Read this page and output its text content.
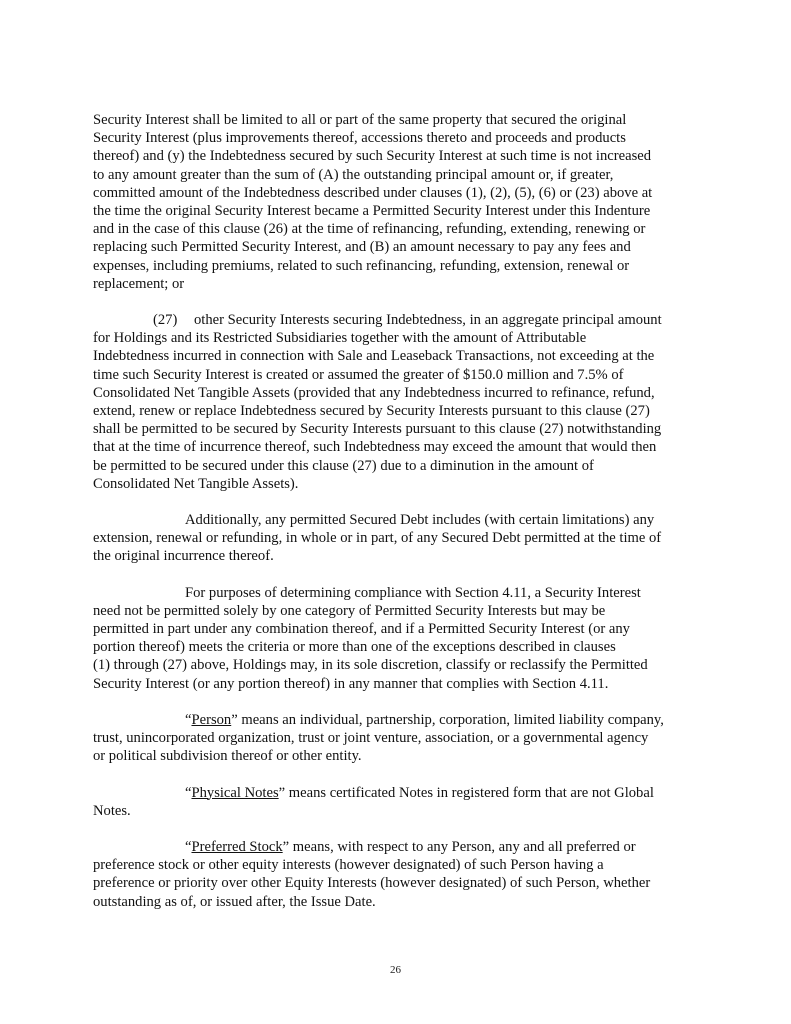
Security Interest shall be limited to all or part of the same property that secured the original
Security Interest (plus improvements thereof, accessions thereto and proceeds and products
thereof) and (y) the Indebtedness secured by such Security Interest at such time is not increased
to any amount greater than the sum of (A) the outstanding principal amount or, if greater,
committed amount of the Indebtedness described under clauses (1), (2), (5), (6) or (23) above at
the time the original Security Interest became a Permitted Security Interest under this Indenture
and in the case of this clause (26) at the time of refinancing, refunding, extending, renewing or
replacing such Permitted Security Interest, and (B) an amount necessary to pay any fees and
expenses, including premiums, related to such refinancing, refunding, extension, renewal or
replacement; or

(27) other Security Interests securing Indebtedness, in an aggregate principal amount
for Holdings and its Restricted Subsidiaries together with the amount of Attributable
Indebtedness incurred in connection with Sale and Leaseback Transactions, not exceeding at the
time such Security Interest is created or assumed the greater of $150.0 million and 7.5% of
Consolidated Net Tangible Assets (provided that any Indebtedness incurred to refinance, refund,
extend, renew or replace Indebtedness secured by Security Interests pursuant to this clause (27)
shall be permitted to be secured by Security Interests pursuant to this clause (27) notwithstanding
that at the time of incurrence thereof, such Indebtedness may exceed the amount that would then
be permitted to be secured under this clause (27) due to a diminution in the amount of
Consolidated Net Tangible Assets).

Additionally, any permitted Secured Debt includes (with certain limitations) any
extension, renewal or refunding, in whole or in part, of any Secured Debt permitted at the time of
the original incurrence thereof.

For purposes of determining compliance with Section 4.11, a Security Interest
need not be permitted solely by one category of Permitted Security Interests but may be
permitted in part under any combination thereof, and if a Permitted Security Interest (or any
portion thereof) meets the criteria or more than one of the exceptions described in clauses
(1) through (27) above, Holdings may, in its sole discretion, classify or reclassify the Permitted
Security Interest (or any portion thereof) in any manner that complies with Section 4.11.

“Person” means an individual, partnership, corporation, limited liability company,
trust, unincorporated organization, trust or joint venture, association, or a governmental agency
or political subdivision thereof or other entity.

“Physical Notes” means certificated Notes in registered form that are not Global
Notes.

“Preferred Stock” means, with respect to any Person, any and all preferred or
preference stock or other equity interests (however designated) of such Person having a
preference or priority over other Equity Interests (however designated) of such Person, whether
outstanding as of, or issued after, the Issue Date.

26
